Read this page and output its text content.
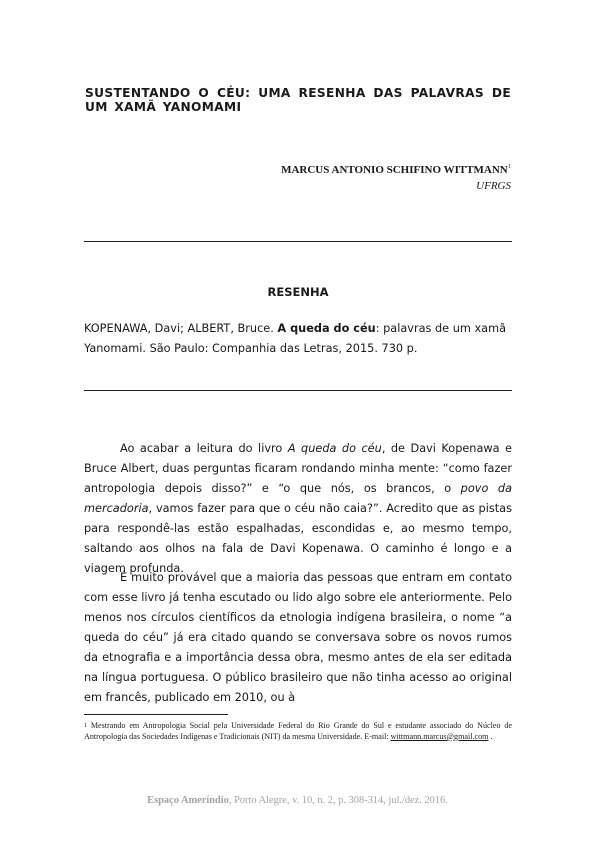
SUSTENTANDO O CÉU: UMA RESENHA DAS PALAVRAS DE UM XAMÃ YANOMAMI
MARCUS ANTONIO SCHIFINO WITTMANN$^1$
UFRGS
RESENHA
KOPENAWA, Davi; ALBERT, Bruce. A queda do céu: palavras de um xamã Yanomami. São Paulo: Companhia das Letras, 2015. 730 p.

Ao acabar a leitura do livro A queda do céu, de Davi Kopenawa e Bruce Albert, duas perguntas ficaram rondando minha mente: “como fazer antropologia depois disso?” e “o que nós, os brancos, o povo da mercadoria, vamos fazer para que o céu não caia?”. Acredito que as pistas para respondê-las estão espalhadas, escondidas e, ao mesmo tempo, saltando aos olhos na fala de Davi Kopenawa. O caminho é longo e a viagem profunda.

É muito provável que a maioria das pessoas que entram em contato com esse livro já tenha escutado ou lido algo sobre ele anteriormente. Pelo menos nos círculos científicos da etnologia indígena brasileira, o nome “a queda do céu” já era citado quando se conversava sobre os novos rumos da etnografia e a importância dessa obra, mesmo antes de ela ser editada na língua portuguesa. O público brasileiro que não tinha acesso ao original em francês, publicado em 2010, ou à

$^1$ Mestrando em Antropologia Social pela Universidade Federal do Rio Grande do Sul e estudante associado do Núcleo de Antropologia das Sociedades Indígenas e Tradicionais (NIT) da mesma Universidade. E-mail: wittmann.marcus@gmail.com .
Espaço Ameríndio, Porto Alegre, v. 10, n. 2, p. 308-314, jul./dez. 2016.
